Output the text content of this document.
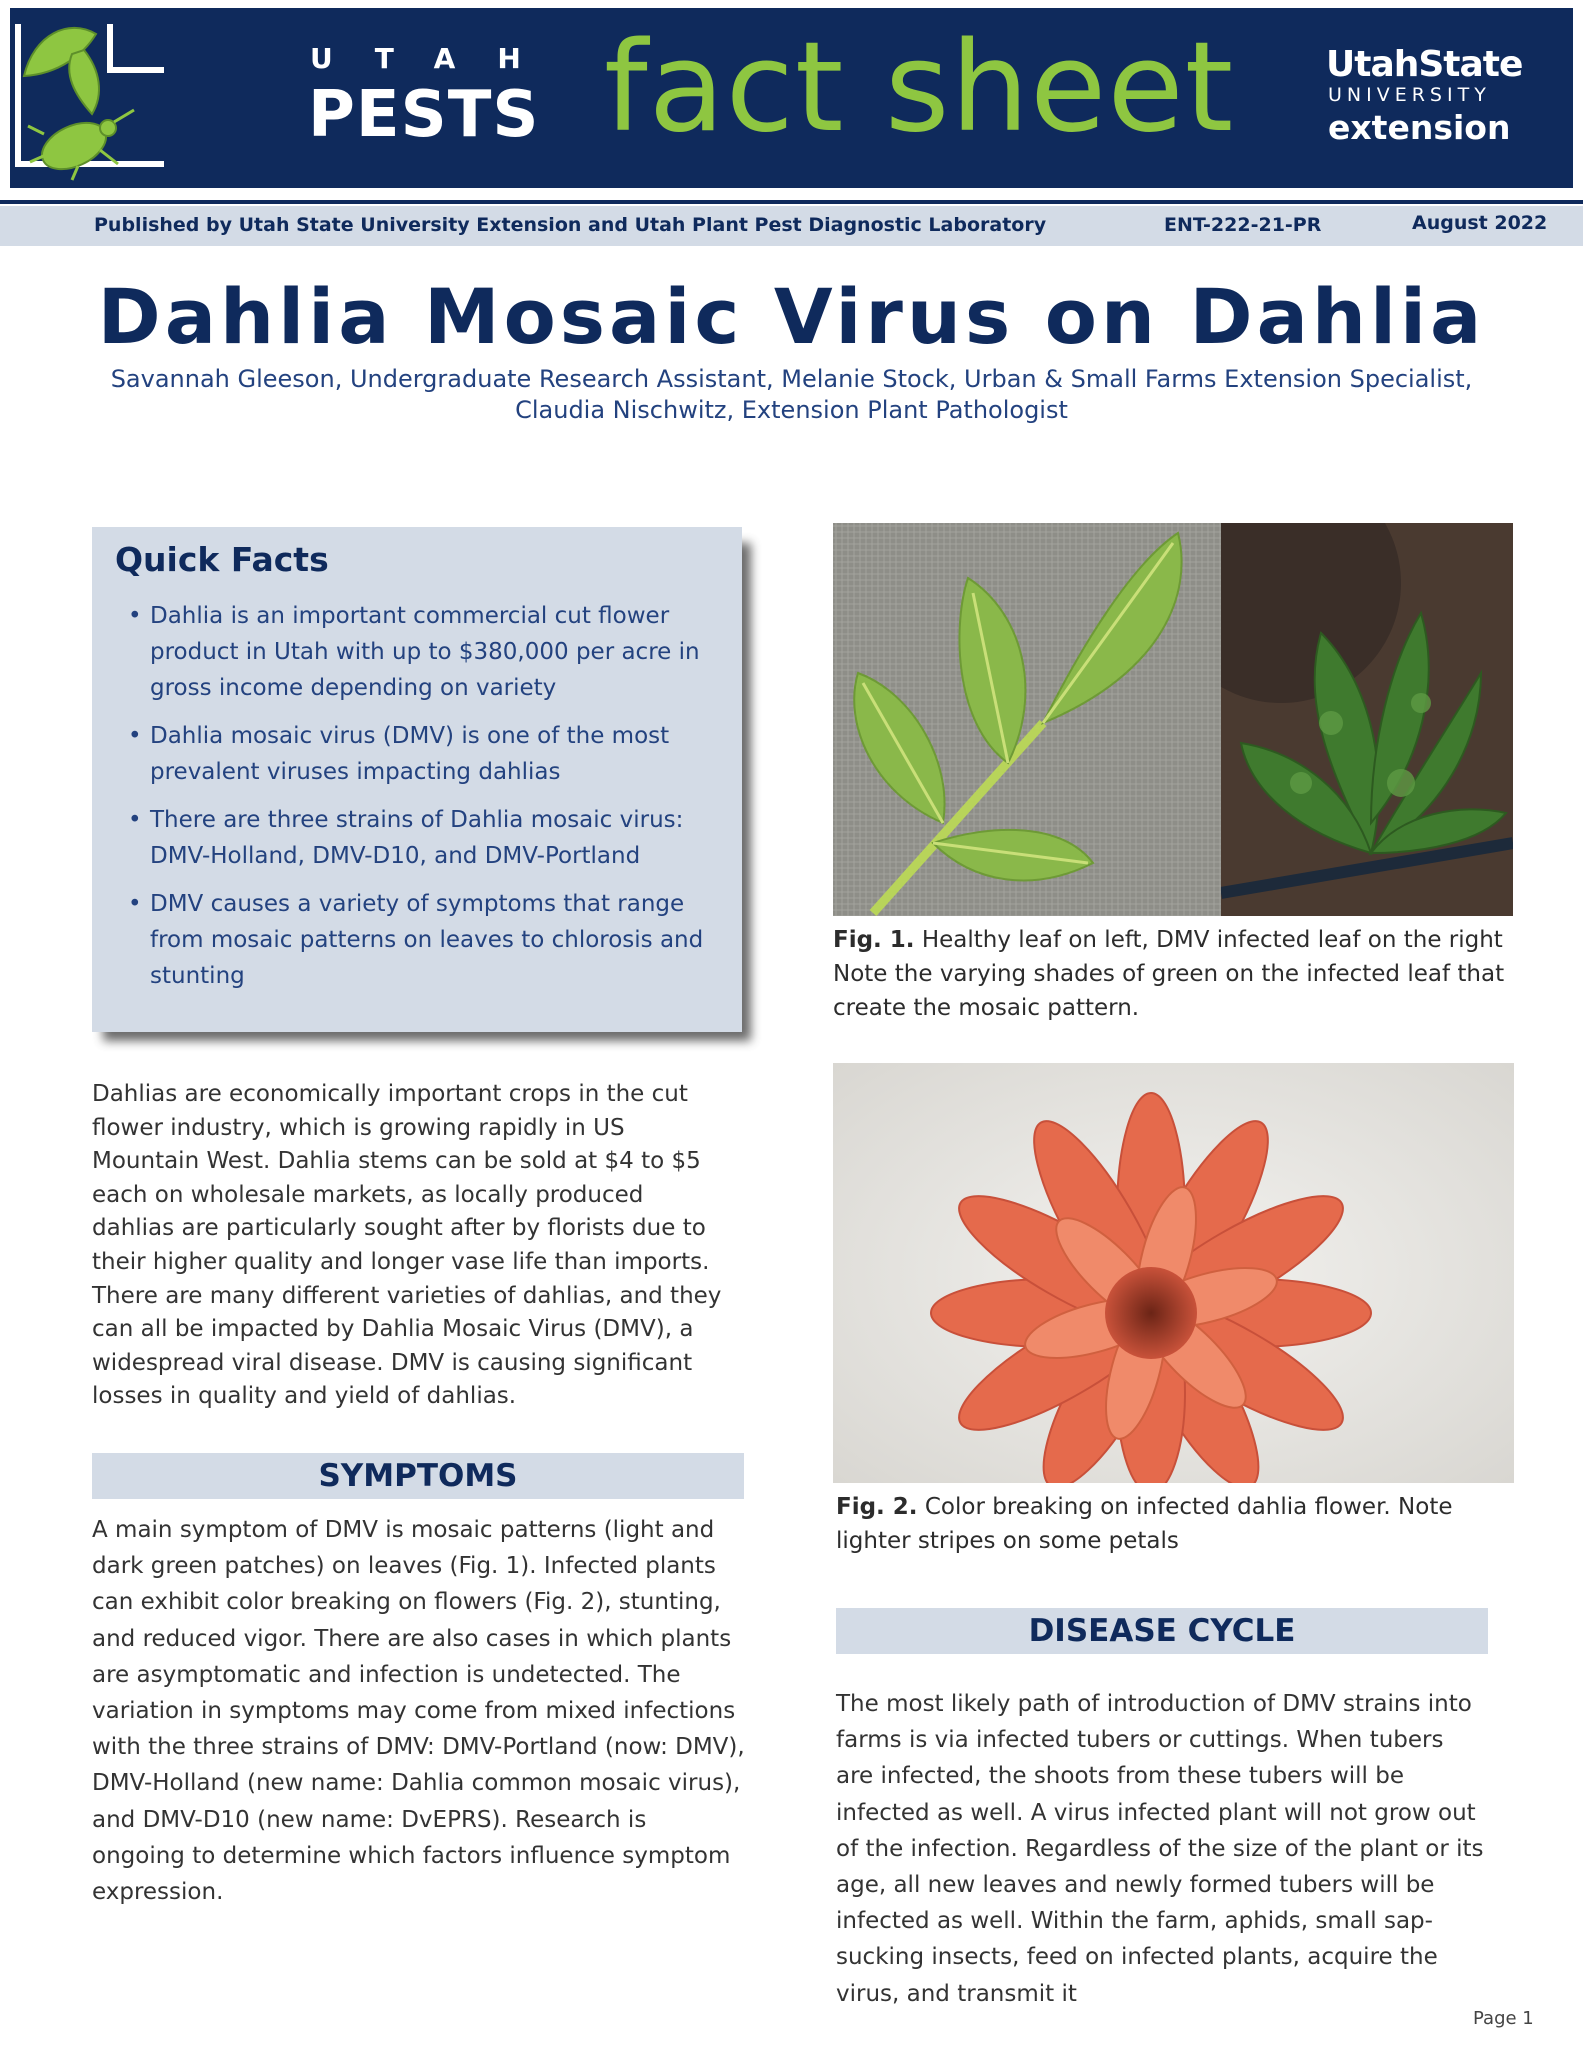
UTAH
PESTS fact sheet	UtahState
UNIVERSITY
extension
Published by Utah State University Extension and Utah Plant Pest Diagnostic Laboratory	ENT-222-21-PR	August 2022
Dahlia Mosaic Virus on Dahlia
Savannah Gleeson, Undergraduate Research Assistant, Melanie Stock, Urban & Small Farms Extension Specialist,
Claudia Nischwitz, Extension Plant Pathologist
Quick Facts
• Dahlia is an important commercial cut flower product in Utah with up to $380,000 per acre in gross income depending on variety
• Dahlia mosaic virus (DMV) is one of the most prevalent viruses impacting dahlias
• There are three strains of Dahlia mosaic virus: DMV-Holland, DMV-D10, and DMV-Portland
• DMV causes a variety of symptoms that range from mosaic patterns on leaves to chlorosis and stunting
Dahlias are economically important crops in the cut flower industry, which is growing rapidly in US Mountain West. Dahlia stems can be sold at $4 to $5 each on wholesale markets, as locally produced dahlias are particularly sought after by florists due to their higher quality and longer vase life than imports. There are many different varieties of dahlias, and they can all be impacted by Dahlia Mosaic Virus (DMV), a widespread viral disease. DMV is causing significant losses in quality and yield of dahlias.
SYMPTOMS
A main symptom of DMV is mosaic patterns (light and dark green patches) on leaves (Fig. 1). Infected plants can exhibit color breaking on flowers (Fig. 2), stunting, and reduced vigor. There are also cases in which plants are asymptomatic and infection is undetected. The variation in symptoms may come from mixed infections with the three strains of DMV: DMV-Portland (now: DMV), DMV-Holland (new name: Dahlia common mosaic virus), and DMV-D10 (new name: DvEPRS). Research is ongoing to determine which factors influence symptom expression.
Fig. 1. Healthy leaf on left, DMV infected leaf on the right Note the varying shades of green on the infected leaf that create the mosaic pattern.
Fig. 2. Color breaking on infected dahlia flower. Note lighter stripes on some petals
DISEASE CYCLE
The most likely path of introduction of DMV strains into farms is via infected tubers or cuttings. When tubers are infected, the shoots from these tubers will be infected as well. A virus infected plant will not grow out of the infection. Regardless of the size of the plant or its age, all new leaves and newly formed tubers will be infected as well. Within the farm, aphids, small sap-sucking insects, feed on infected plants, acquire the virus, and transmit it
Page 1
